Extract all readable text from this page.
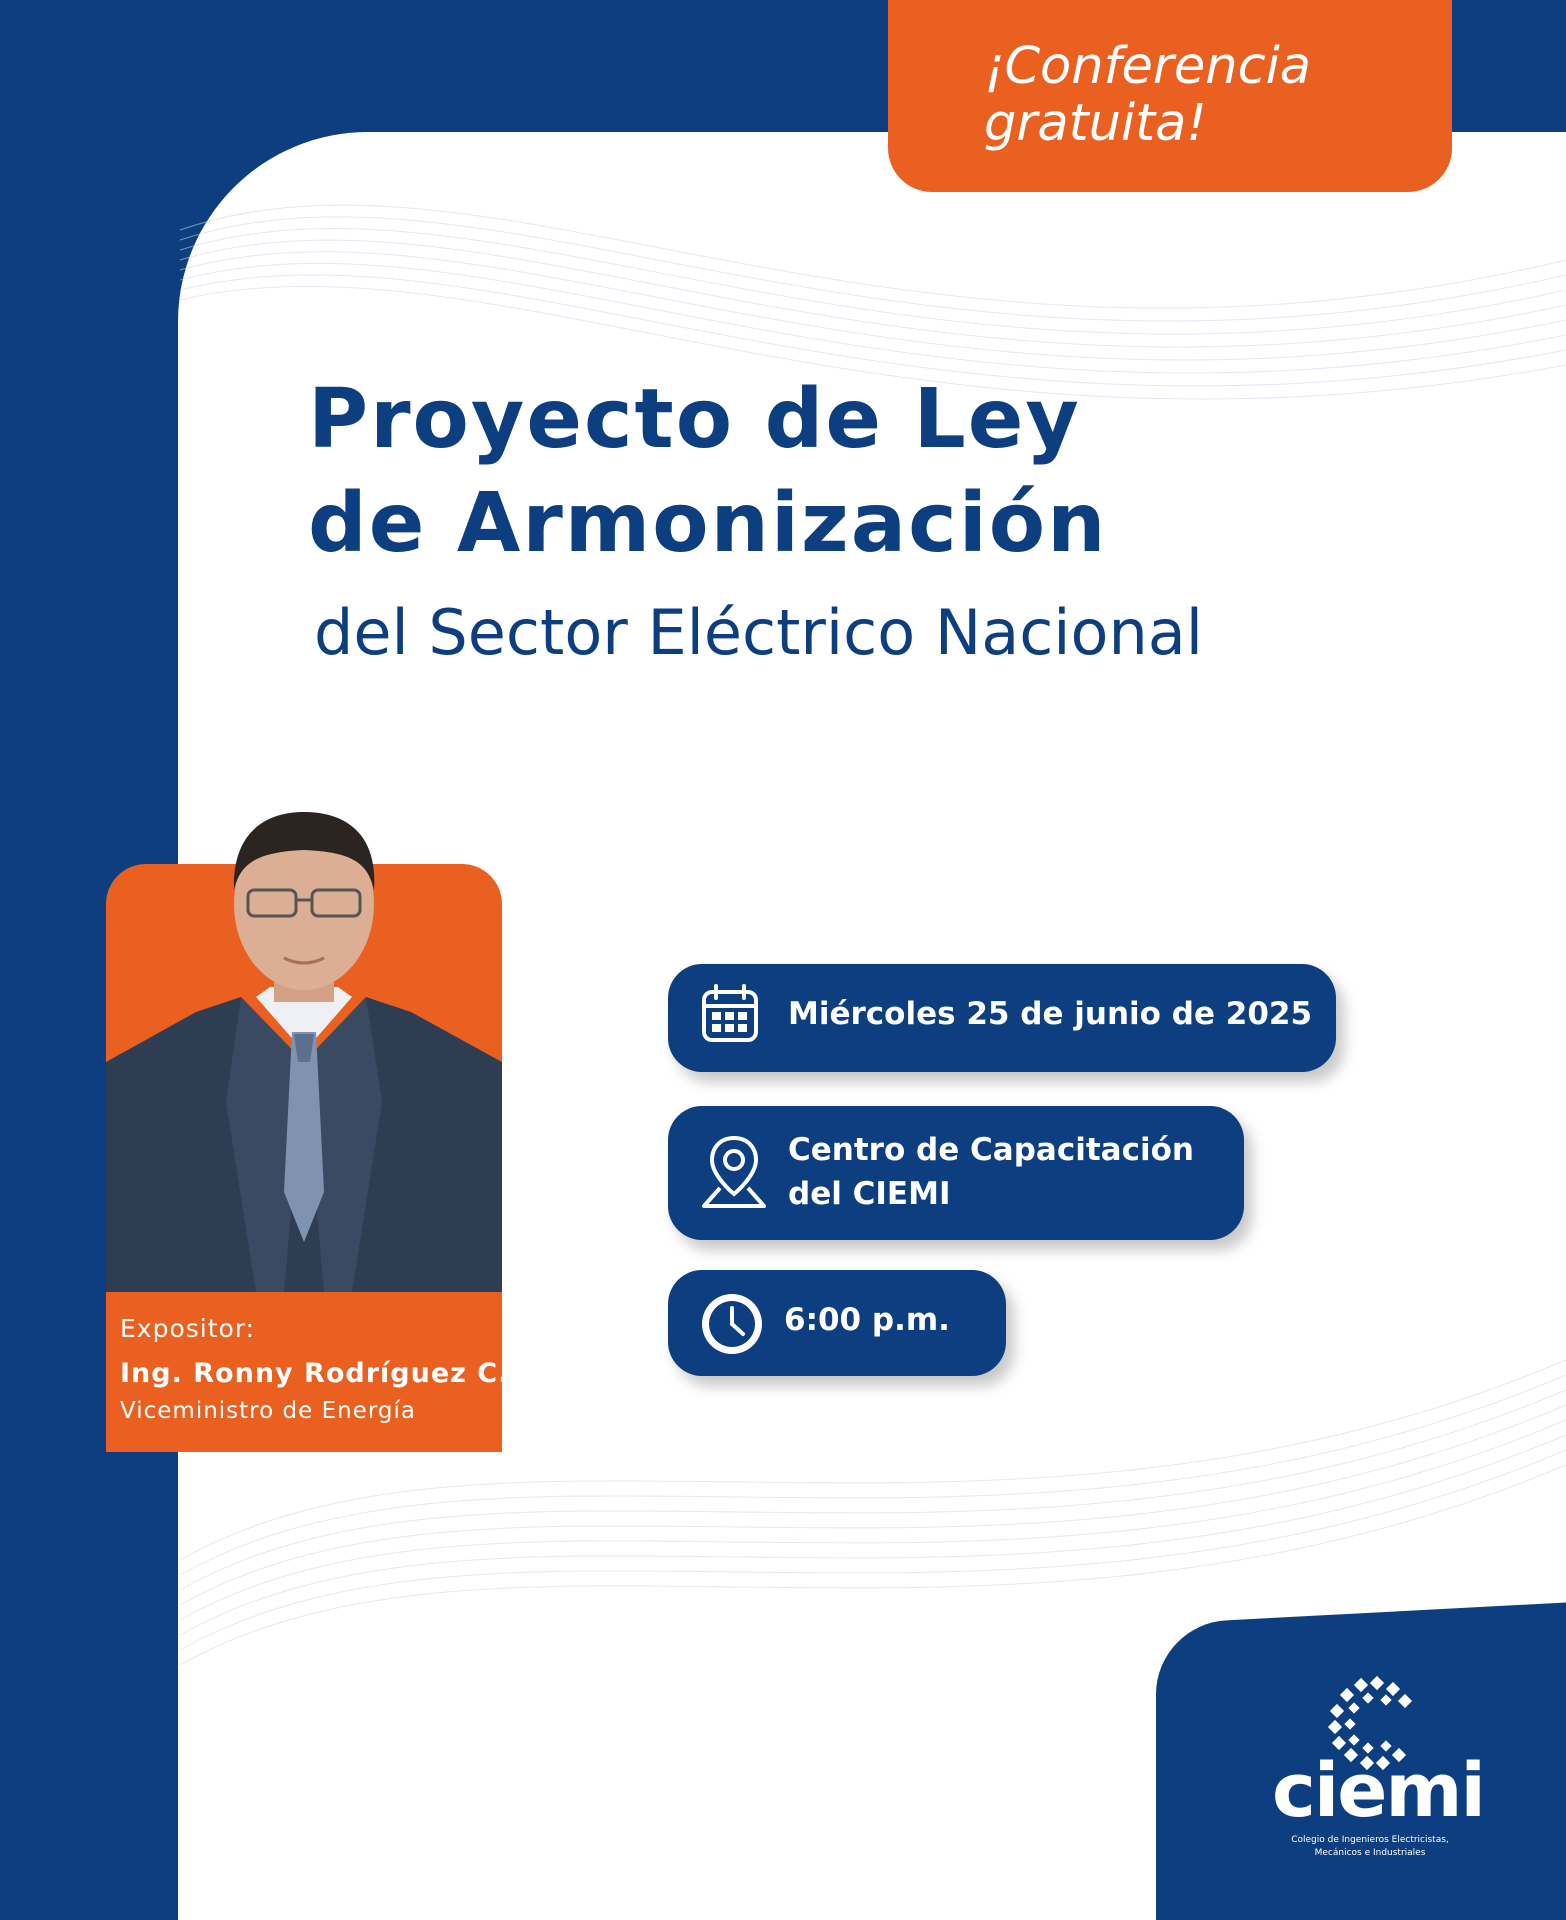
¡Conferencia
gratuita!
Proyecto de Ley
de Armonización
del Sector Eléctrico Nacional
Expositor:
Ing. Ronny Rodríguez C.
Viceministro de Energía
Miércoles 25 de junio de 2025
Centro de Capacitación
del CIEMI
6:00 p.m.
ciemi
Colegio de Ingenieros Electricistas,
Mecánicos e Industriales
